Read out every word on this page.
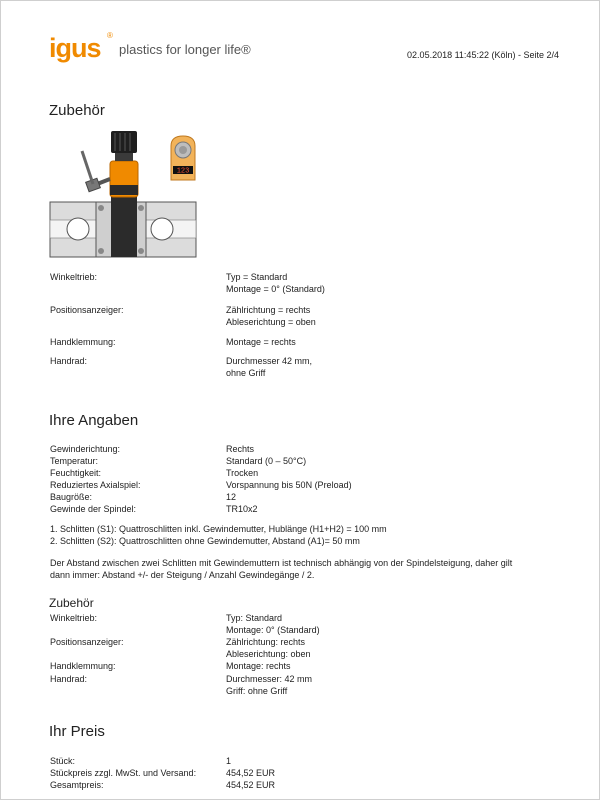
igus ®
plastics for longer life®	02.05.2018 11:45:22 (Köln) - Seite 2/4
Zubehör
123
Winkeltrieb:	Typ = Standard
Montage = 0° (Standard)
Positionsanzeiger:	Zählrichtung = rechts
Ableserichtung = oben
Handklemmung:	Montage = rechts
Handrad:	Durchmesser 42 mm,
ohne Griff
Ihre Angaben
Gewinderichtung:	Rechts
Temperatur:	Standard (0 – 50°C)
Feuchtigkeit:	Trocken
Reduziertes Axialspiel:	Vorspannung bis 50N (Preload)
Baugröße:	12
Gewinde der Spindel:	TR10x2
1. Schlitten (S1): Quattroschlitten inkl. Gewindemutter, Hublänge (H1+H2) = 100 mm
2. Schlitten (S2): Quattroschlitten ohne Gewindemutter, Abstand (A1)= 50 mm
Der Abstand zwischen zwei Schlitten mit Gewindemuttern ist technisch abhängig von der Spindelsteigung, daher gilt
dann immer: Abstand +/- der Steigung / Anzahl Gewindegänge / 2.
Zubehör
Winkeltrieb:	Typ: Standard
Montage: 0° (Standard)
Positionsanzeiger:	Zählrichtung: rechts
Ableserichtung: oben
Handklemmung:	Montage: rechts
Handrad:	Durchmesser: 42 mm
Griff: ohne Griff
Ihr Preis
Stück:	1
Stückpreis zzgl. MwSt. und Versand:	454,52 EUR
Gesamtpreis:	454,52 EUR
